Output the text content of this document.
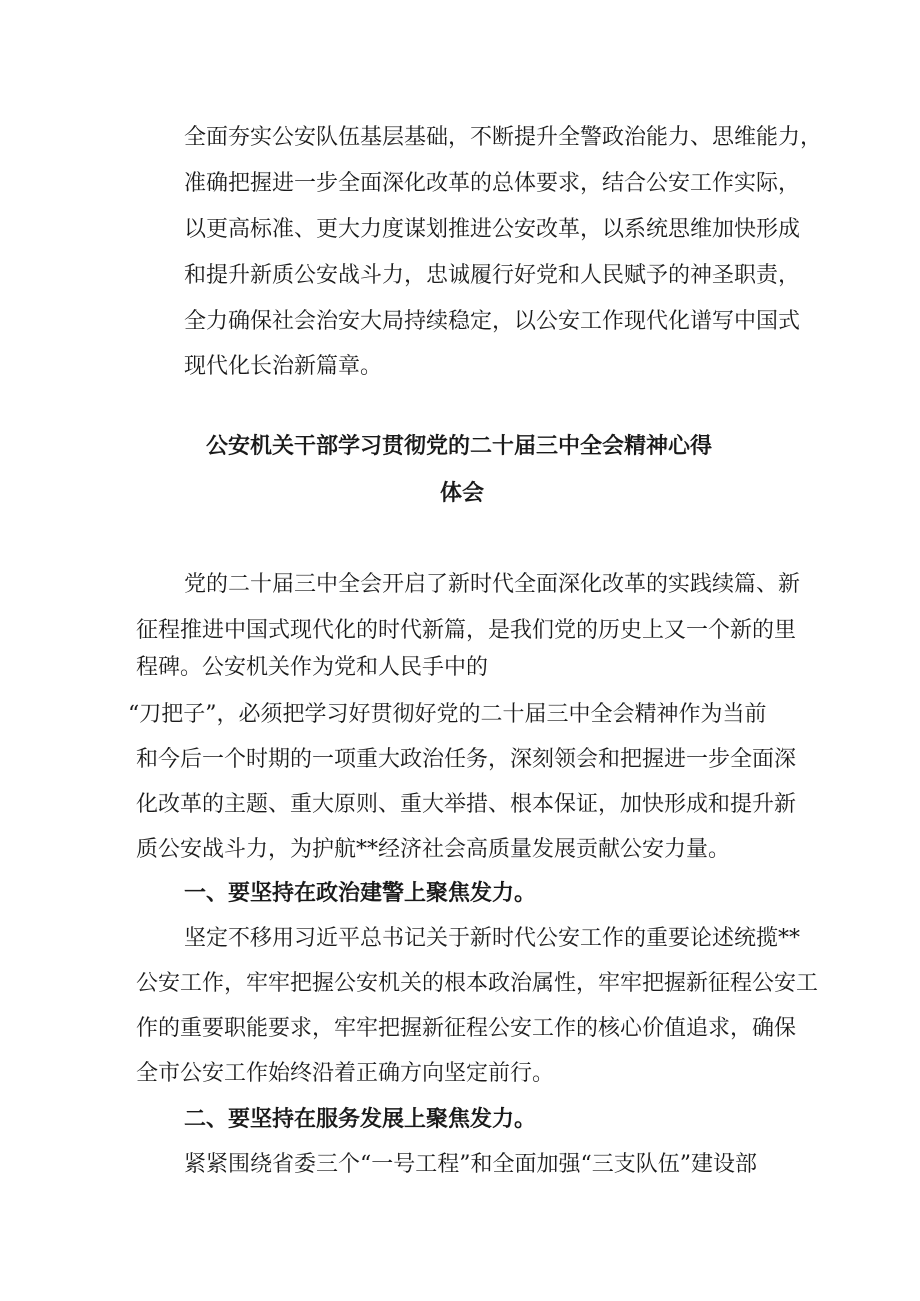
全面夯实公安队伍基层基础，不断提升全警政治能力、思维能力，
准确把握进一步全面深化改革的总体要求，结合公安工作实际，
以更高标准、更大力度谋划推进公安改革，以系统思维加快形成
和提升新质公安战斗力，忠诚履行好党和人民赋予的神圣职责，
全力确保社会治安大局持续稳定，以公安工作现代化谱写中国式
现代化长治新篇章。
公安机关干部学习贯彻党的二十届三中全会精神心得
体会
党的二十届三中全会开启了新时代全面深化改革的实践续篇、新
征程推进中国式现代化的时代新篇，是我们党的历史上又一个新的里
程碑。公安机关作为党和人民手中的
“刀把子”，必须把学习好贯彻好党的二十届三中全会精神作为当前
和今后一个时期的一项重大政治任务，深刻领会和把握进一步全面深
化改革的主题、重大原则、重大举措、根本保证，加快形成和提升新
质公安战斗力，为护航**经济社会高质量发展贡献公安力量。
一、要坚持在政治建警上聚焦发力。
坚定不移用习近平总书记关于新时代公安工作的重要论述统揽**
公安工作，牢牢把握公安机关的根本政治属性，牢牢把握新征程公安工
作的重要职能要求，牢牢把握新征程公安工作的核心价值追求，确保
全市公安工作始终沿着正确方向坚定前行。
二、要坚持在服务发展上聚焦发力。
紧紧围绕省委三个“一号工程”和全面加强“三支队伍”建设部
